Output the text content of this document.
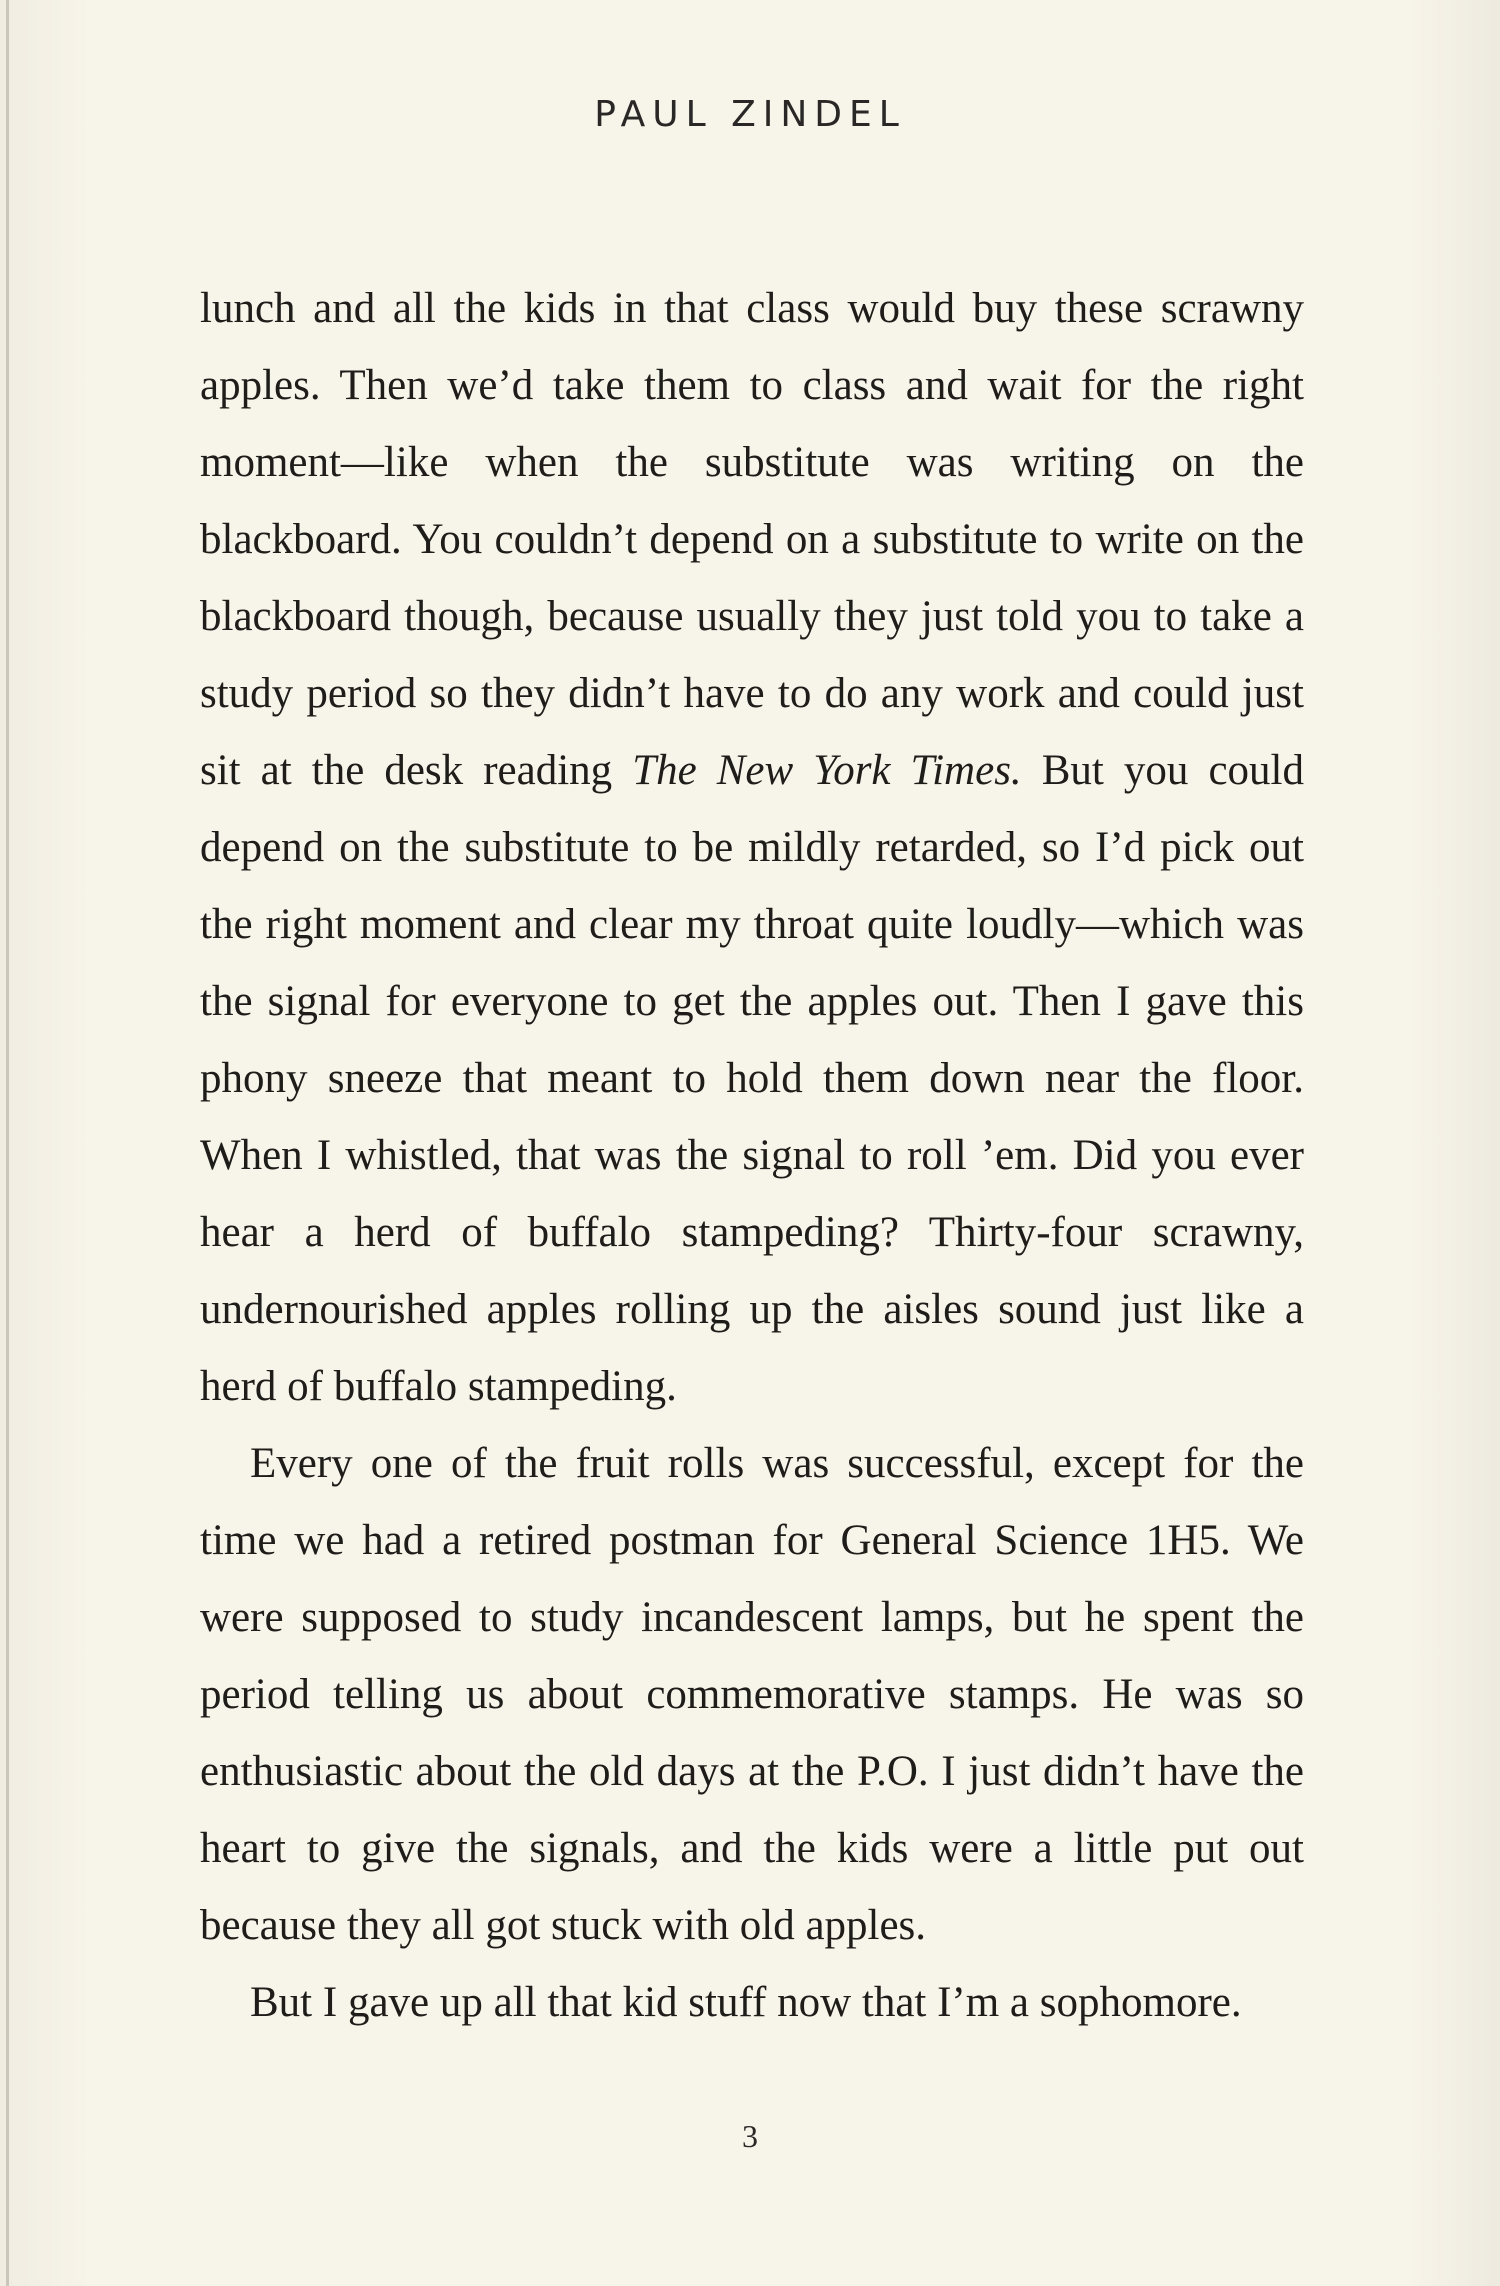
PAUL ZINDEL

lunch and all the kids in that class would buy these scrawny apples. Then we’d take them to class and wait for the right moment—like when the substitute was writing on the blackboard. You couldn’t depend on a substitute to write on the blackboard though, because usually they just told you to take a study period so they didn’t have to do any work and could just sit at the desk reading The New York Times. But you could depend on the substitute to be mildly retarded, so I’d pick out the right moment and clear my throat quite loudly—which was the signal for everyone to get the apples out. Then I gave this phony sneeze that meant to hold them down near the floor. When I whistled, that was the signal to roll ’em. Did you ever hear a herd of buffalo stampeding? Thirty-four scrawny, undernourished apples rolling up the aisles sound just like a herd of buffalo stampeding.

Every one of the fruit rolls was successful, except for the time we had a retired postman for General Science 1H5. We were supposed to study incandescent lamps, but he spent the period telling us about commemorative stamps. He was so enthusiastic about the old days at the P.O. I just didn’t have the heart to give the signals, and the kids were a little put out because they all got stuck with old apples.

But I gave up all that kid stuff now that I’m a sophomore.

3
